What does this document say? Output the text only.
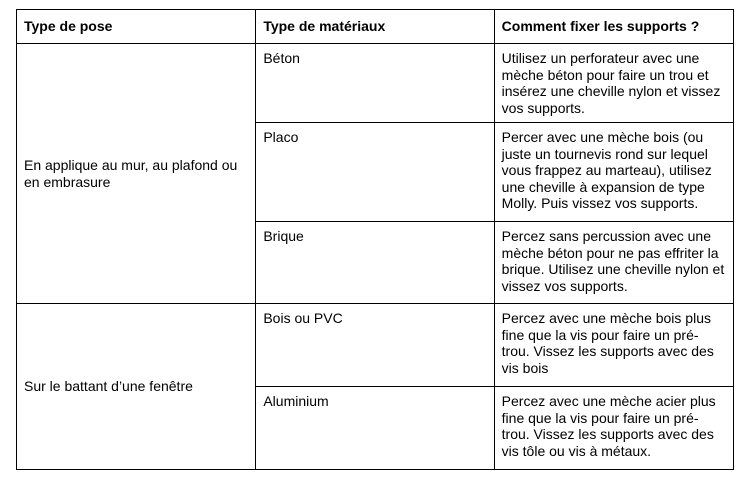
Type de pose	Type de matériaux	Comment fixer les supports ?
En applique au mur, au plafond ou en embrasure	Béton	Utilisez un perforateur avec une mèche béton pour faire un trou et insérez une cheville nylon et vissez vos supports.
	Placo	Percer avec une mèche bois (ou juste un tournevis rond sur lequel vous frappez au marteau), utilisez une cheville à expansion de type Molly. Puis vissez vos supports.
	Brique	Percez sans percussion avec une mèche béton pour ne pas effriter la brique. Utilisez une cheville nylon et vissez vos supports.
Sur le battant d’une fenêtre	Bois ou PVC	Percez avec une mèche bois plus fine que la vis pour faire un pré-trou. Vissez les supports avec des vis bois
	Aluminium	Percez avec une mèche acier plus fine que la vis pour faire un pré-trou. Vissez les supports avec des vis tôle ou vis à métaux.
